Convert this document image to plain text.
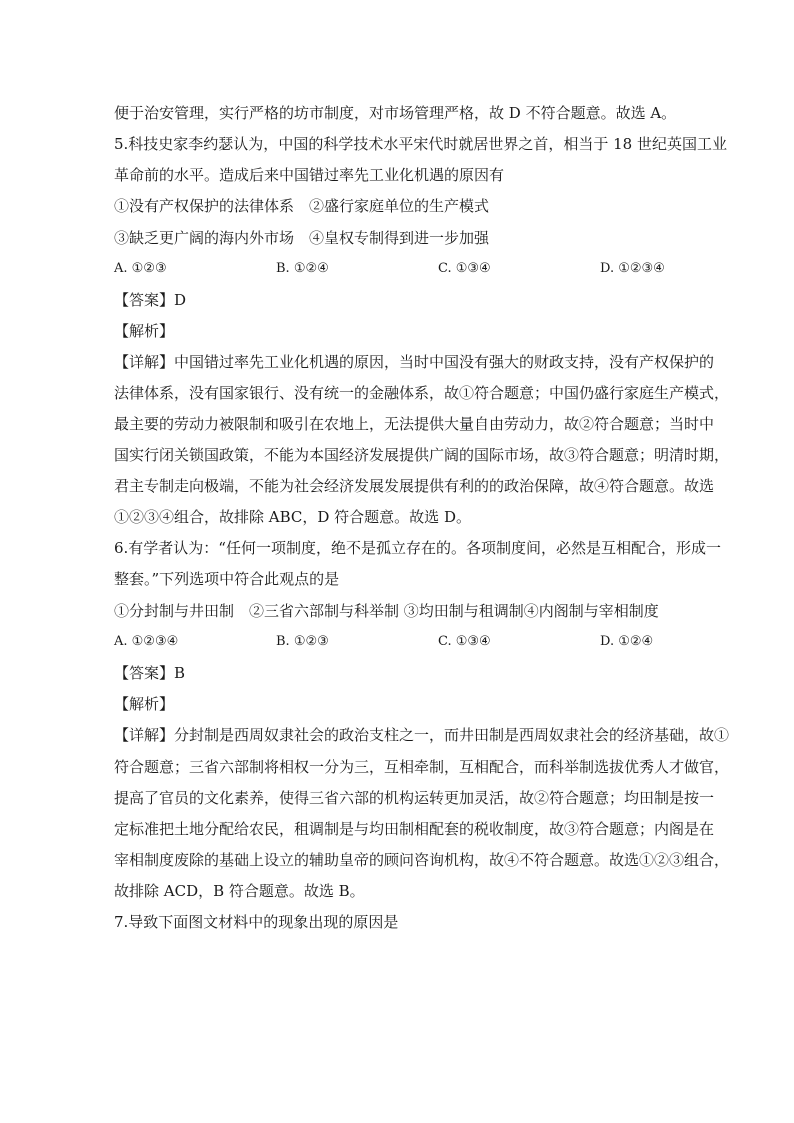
便于治安管理，实行严格的坊市制度，对市场管理严格，故 D 不符合题意。故选 A。
5.科技史家李约瑟认为，中国的科学技术水平宋代时就居世界之首，相当于 18 世纪英国工业
革命前的水平。造成后来中国错过率先工业化机遇的原因有
①没有产权保护的法律体系　②盛行家庭单位的生产模式
③缺乏更广阔的海内外市场　④皇权专制得到进一步加强
A. ①②③	B. ①②④	C. ①③④	D. ①②③④
【答案】D
【解析】
【详解】中国错过率先工业化机遇的原因，当时中国没有强大的财政支持，没有产权保护的
法律体系，没有国家银行、没有统一的金融体系，故①符合题意；中国仍盛行家庭生产模式，
最主要的劳动力被限制和吸引在农地上，无法提供大量自由劳动力，故②符合题意；当时中
国实行闭关锁国政策，不能为本国经济发展提供广阔的国际市场，故③符合题意；明清时期，
君主专制走向极端，不能为社会经济发展发展提供有利的的政治保障，故④符合题意。故选
①②③④组合，故排除 ABC，D 符合题意。故选 D。
6.有学者认为：“任何一项制度，绝不是孤立存在的。各项制度间，必然是互相配合，形成一
整套。”下列选项中符合此观点的是
①分封制与井田制　②三省六部制与科举制 ③均田制与租调制④内阁制与宰相制度
A. ①②③④	B. ①②③	C. ①③④	D. ①②④
【答案】B
【解析】
【详解】分封制是西周奴隶社会的政治支柱之一，而井田制是西周奴隶社会的经济基础，故①
符合题意；三省六部制将相权一分为三，互相牵制，互相配合，而科举制选拔优秀人才做官，
提高了官员的文化素养，使得三省六部的机构运转更加灵活，故②符合题意；均田制是按一
定标准把土地分配给农民，租调制是与均田制相配套的税收制度，故③符合题意；内阁是在
宰相制度废除的基础上设立的辅助皇帝的顾问咨询机构，故④不符合题意。故选①②③组合，
故排除 ACD，B 符合题意。故选 B。
7.导致下面图文材料中的现象出现的原因是
